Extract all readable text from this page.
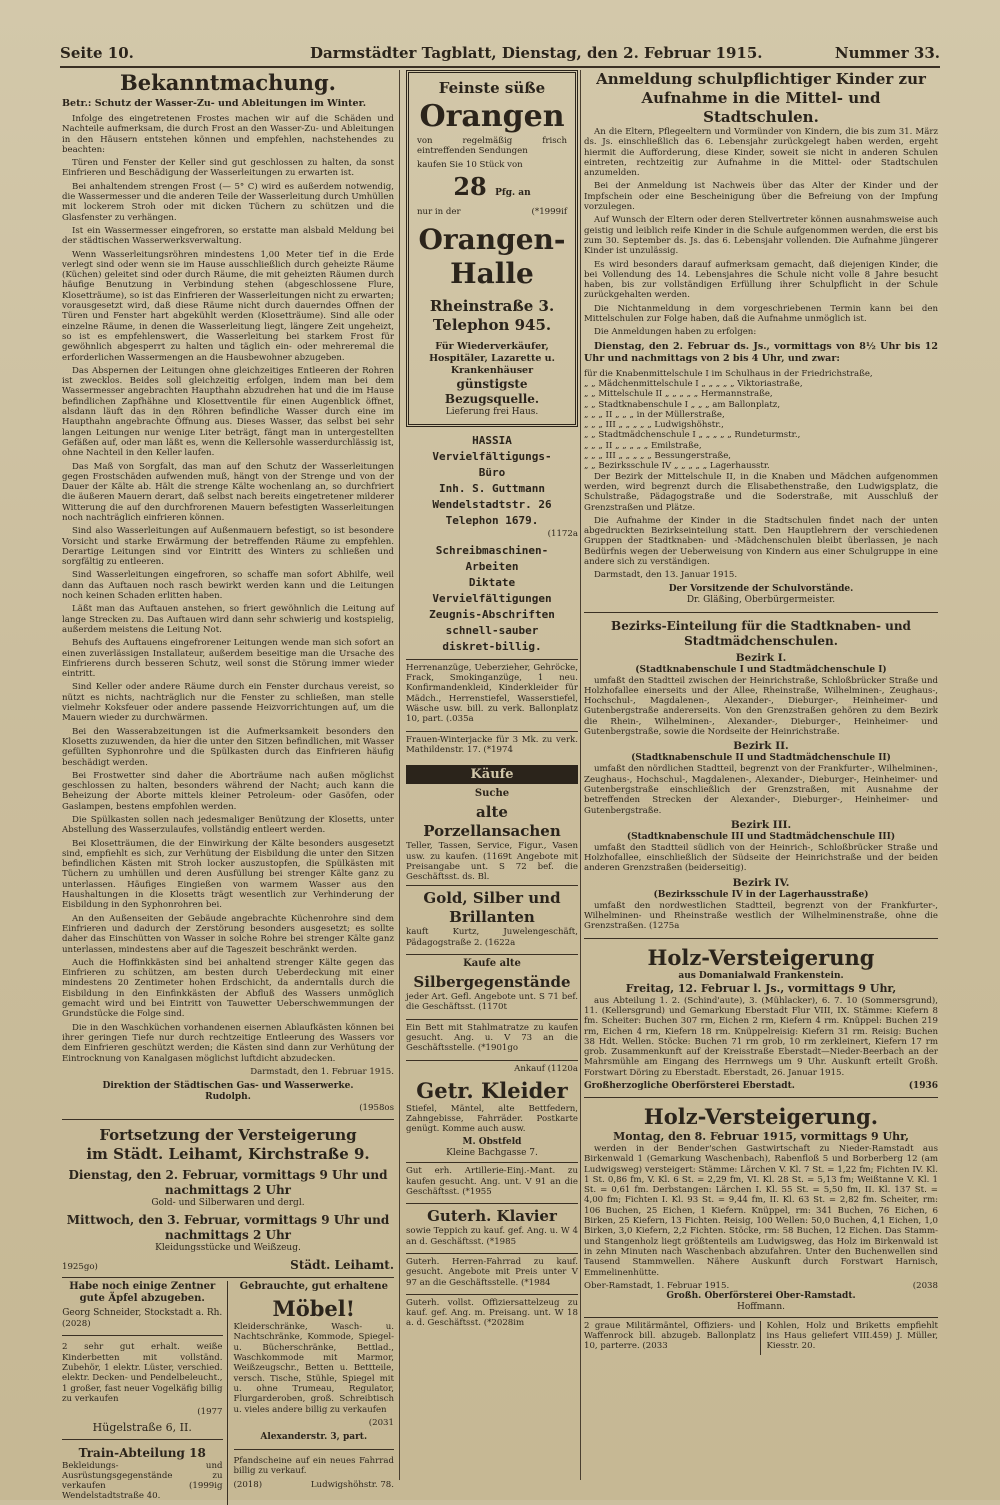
Seite 10.	Darmstädter Tagblatt, Dienstag, den 2. Februar 1915.	Nummer 33.
Bekanntmachung.
Betr.: Schutz der Wasser-Zu- und Ableitungen im Winter.

Infolge des eingetretenen Frostes machen wir auf die Schäden und Nachteile aufmerksam, die durch Frost an den Wasser-Zu- und Ableitungen in den Häusern entstehen können und empfehlen, nachstehendes zu beachten:

Türen und Fenster der Keller sind gut geschlossen zu halten, da sonst Einfrieren und Beschädigung der Wasserleitungen zu erwarten ist.

Bei anhaltendem strengen Frost (— 5° C) wird es außerdem notwendig, die Wassermesser und die anderen Teile der Wasserleitung durch Umhüllen mit lockerem Stroh oder mit dicken Tüchern zu schützen und die Glasfenster zu verhängen.

Ist ein Wassermesser eingefroren, so erstatte man alsbald Meldung bei der städtischen Wasserwerksverwaltung.

Wenn Wasserleitungsröhren mindestens 1,00 Meter tief in die Erde verlegt sind oder wenn sie im Hause ausschließlich durch geheizte Räume (Küchen) geleitet sind oder durch Räume, die mit geheizten Räumen durch häufige Benutzung in Verbindung stehen (abgeschlossene Flure, Klosetträume), so ist das Einfrieren der Wasserleitungen nicht zu erwarten; vorausgesetzt wird, daß diese Räume nicht durch dauerndes Offnen der Türen und Fenster hart abgekühlt werden (Klosetträume). Sind alle oder einzelne Räume, in denen die Wasserleitung liegt, längere Zeit ungeheizt, so ist es empfehlenswert, die Wasserleitung bei starkem Frost für gewöhnlich abgesperrt zu halten und täglich ein- oder mehreremal die erforderlichen Wassermengen an die Hausbewohner abzugeben.

Das Abspernen der Leitungen ohne gleichzeitiges Entleeren der Rohren ist zwecklos. Beides soll gleichzeitig erfolgen, indem man bei dem Wassermesser angebrachten Haupthahn abzudrehen hat und die im Hause befindlichen Zapfhähne und Klosettventile für einen Augenblick öffnet, alsdann läuft das in den Röhren befindliche Wasser durch eine im Haupthahn angebrachte Öffnung aus. Dieses Wasser, das selbst bei sehr langen Leitungen nur wenige Liter beträgt, fängt man in untergestellten Gefäßen auf, oder man läßt es, wenn die Kellersohle wasserdurchlässig ist, ohne Nachteil in den Keller laufen.

Das Maß von Sorgfalt, das man auf den Schutz der Wasserleitungen gegen Frostschäden aufwenden muß, hängt von der Strenge und von der Dauer der Kälte ab. Hält die strenge Kälte wochenlang an, so durchfriert die äußeren Mauern derart, daß selbst nach bereits eingetretener milderer Witterung die auf den durchfrorenen Mauern befestigten Wasserleitungen noch nachträglich einfrieren können.

Sind also Wasserleitungen auf Außenmauern befestigt, so ist besondere Vorsicht und starke Erwärmung der betreffenden Räume zu empfehlen. Derartige Leitungen sind vor Eintritt des Winters zu schließen und sorgfältig zu entleeren.

Sind Wasserleitungen eingefroren, so schaffe man sofort Abhilfe, weil dann das Auftauen noch rasch bewirkt werden kann und die Leitungen noch keinen Schaden erlitten haben.

Läßt man das Auftauen anstehen, so friert gewöhnlich die Leitung auf lange Strecken zu. Das Auftauen wird dann sehr schwierig und kostspielig, außerdem meistens die Leitung Not.

Behufs des Auftauens eingefrorener Leitungen wende man sich sofort an einen zuverlässigen Installateur, außerdem beseitige man die Ursache des Einfrierens durch besseren Schutz, weil sonst die Störung immer wieder eintritt.

Sind Keller oder andere Räume durch ein Fenster durchaus vereist, so nützt es nichts, nachträglich nur die Fenster zu schließen, man stelle vielmehr Koksfeuer oder andere passende Heizvorrichtungen auf, um die Mauern wieder zu durchwärmen.

Bei den Wasserabzeitungen ist die Aufmerksamkeit besonders den Klosetts zuzuwenden, da hier die unter den Sitzen befindlichen, mit Wasser gefüllten Syphonrohre und die Spülkasten durch das Einfrieren häufig beschädigt werden.

Bei Frostwetter sind daher die Aborträume nach außen möglichst geschlossen zu halten, besonders während der Nacht; auch kann die Beheizung der Aborte mittels kleiner Petroleum- oder Gasöfen, oder Gaslampen, bestens empfohlen werden.

Die Spülkasten sollen nach jedesmaliger Benützung der Klosetts, unter Abstellung des Wasserzulaufes, vollständig entleert werden.

Bei Klosetträumen, die der Einwirkung der Kälte besonders ausgesetzt sind, empfiehlt es sich, zur Verhütung der Eisbildung die unter den Sitzen befindlichen Kästen mit Stroh locker auszustopfen, die Spülkästen mit Tüchern zu umhüllen und deren Ausfüllung bei strenger Kälte ganz zu unterlassen. Häufiges Eingießen von warmem Wasser aus den Haushaltungen in die Klosetts trägt wesentlich zur Verhinderung der Eisbildung in den Syphonrohren bei.

An den Außenseiten der Gebäude angebrachte Küchenrohre sind dem Einfrieren und dadurch der Zerstörung besonders ausgesetzt; es sollte daher das Einschütten von Wasser in solche Rohre bei strenger Kälte ganz unterlassen, mindestens aber auf die Tageszeit beschränkt werden.

Auch die Hoffinkkästen sind bei anhaltend strenger Kälte gegen das Einfrieren zu schützen, am besten durch Ueberdeckung mit einer mindestens 20 Zentimeter hohen Erdschicht, da anderntalls durch die Eisbildung in den Einfinkkästen der Abfluß des Wassers unmöglich gemacht wird und bei Eintritt von Tauwetter Ueberschwemmungen der Grundstücke die Folge sind.

Die in den Waschküchen vorhandenen eisernen Ablaufkästen können bei ihrer geringen Tiefe nur durch rechtzeitige Entleerung des Wassers vor dem Einfrieren geschützt werden; die Kästen sind dann zur Verhütung der Eintrocknung von Kanalgasen möglichst luftdicht abzudecken.

Darmstadt, den 1. Februar 1915.

Direktion der Städtischen Gas- und Wasserwerke.
Rudolph.
(1958os
Fortsetzung der Versteigerung
im Städt. Leihamt, Kirchstraße 9.
Dienstag, den 2. Februar, vormittags 9 Uhr und nachmittags 2 Uhr
Gold- und Silberwaren und dergl.
Mittwoch, den 3. Februar, vormittags 9 Uhr und nachmittags 2 Uhr
Kleidungsstücke und Weißzeug.
1925go)	Städt. Leihamt.
Habe noch einige Zentner gute Äpfel abzugeben.
Georg Schneider, Stockstadt a. Rh.

(2028)

2 sehr gut erhalt. weiße Kinderbetten mit vollständ. Zubehör, 1 elektr. Lüster, verschied. elektr. Decken- und Pendelbeleucht., 1 großer, fast neuer Vogelkäfig billig zu verkaufen

(1977

Hügelstraße 6, II.
Train-Abteilung 18

Bekleidungs- und Ausrüstungsgegenstände zu verkaufen (1999ig Wendelstadtstraße 40.

Gebrauchte, gut erhaltene
Möbel!

Kleiderschränke, Wasch- u. Nachtschränke, Kommode, Spiegel- u. Bücherschränke, Bettlad., Waschkommode mit Marmor, Weißzeugschr., Betten u. Bettteile, versch. Tische, Stühle, Spiegel mit u. ohne Trumeau, Regulator, Flurgarderoben, groß. Schreibtisch u. vieles andere billig zu verkaufen

(2031

Alexanderstr. 3, part.

Pfandscheine auf ein neues Fahrrad billig zu verkauf.

(2018)	Ludwigshöhstr. 78.
Feinste süße
Orangen

von regelmäßig frisch eintreffenden Sendungen

kaufen Sie 10 Stück von

28 Pfg. an
nur in der	(*1999if
Orangen-Halle
Rheinstraße 3.
Telephon 945.
Für Wiederverkäufer, Hospitäler, Lazarette u. Krankenhäuser
günstigste Bezugsquelle.
Lieferung frei Haus.
HASSIA
Vervielfältigungs-
Büro
Inh. S. Guttmann
Wendelstadtstr. 26
Telephon 1679.
(1172a
Schreibmaschinen-
Arbeiten
Diktate
Vervielfältigungen
Zeugnis-Abschriften
schnell-sauber
diskret-billig.

Herrenanzüge, Ueberzieher, Gehröcke, Frack, Smokinganzüge, 1 neu. Konfirmandenkleid, Kinderkleider für Mädch., Herrenstiefel, Wasserstiefel, Wäsche usw. bill. zu verk. Ballonplatz 10, part. (.035a

Frauen-Winterjacke für 3 Mk. zu verk. Mathildenstr. 17. (*1974

Käufe
Suche
alte Porzellansachen

Teller, Tassen, Service, Figur., Vasen usw. zu kaufen. (1169t Angebote mit Preisangabe unt. S 72 bef. die Geschäftsst. ds. Bl.

Gold, Silber und Brillanten

kauft Kurtz, Juwelengeschäft, Pädagogstraße 2. (1622a

Kaufe alte
Silbergegenstände

jeder Art. Gefl. Angebote unt. S 71 bef. die Geschäftsst. (1170t

Ein Bett mit Stahlmatratze zu kaufen gesucht. Ang. u. V 73 an die Geschäftsstelle. (*1901go

Ankauf (1120a
Getr. Kleider

Stiefel, Mäntel, alte Bettfedern, Zahngebisse, Fahrräder. Postkarte genügt. Komme auch ausw.

M. Obstfeld
Kleine Bachgasse 7.

Gut erh. Artillerie-Einj.-Mant. zu kaufen gesucht. Ang. unt. V 91 an die Geschäftsst. (*1955

Guterh. Klavier

sowie Teppich zu kauf. gef. Ang. u. W 4 an d. Geschäftsst. (*1985

Guterh. Herren-Fahrrad zu kauf. gesucht. Angebote mit Preis unter V 97 an die Geschäftsstelle. (*1984

Guterh. vollst. Offiziersattelzeug zu kauf. gef. Ang. m. Preisang. unt. W 18 a. d. Geschäftsst. (*2028im

Anmeldung schulpflichtiger Kinder zur Aufnahme in die Mittel- und Stadtschulen.

An die Eltern, Pflegeeltern und Vormünder von Kindern, die bis zum 31. März ds. Js. einschließlich das 6. Lebensjahr zurückgelegt haben werden, ergeht hiermit die Aufforderung, diese Kinder, soweit sie nicht in anderen Schulen eintreten, rechtzeitig zur Aufnahme in die Mittel- oder Stadtschulen anzumelden.

Bei der Anmeldung ist Nachweis über das Alter der Kinder und der Impfschein oder eine Bescheinigung über die Befreiung von der Impfung vorzulegen.

Auf Wunsch der Eltern oder deren Stellvertreter können ausnahmsweise auch geistig und leiblich reife Kinder in die Schule aufgenommen werden, die erst bis zum 30. September ds. Js. das 6. Lebensjahr vollenden. Die Aufnahme jüngerer Kinder ist unzulässig.

Es wird besonders darauf aufmerksam gemacht, daß diejenigen Kinder, die bei Vollendung des 14. Lebensjahres die Schule nicht volle 8 Jahre besucht haben, bis zur vollständigen Erfüllung ihrer Schulpflicht in der Schule zurückgehalten werden.

Die Nichtanmeldung in dem vorgeschriebenen Termin kann bei den Mittelschulen zur Folge haben, daß die Aufnahme unmöglich ist.

Die Anmeldungen haben zu erfolgen:

Dienstag, den 2. Februar ds. Js., vormittags von 8½ Uhr bis 12 Uhr und nachmittags von 2 bis 4 Uhr, und zwar:

für die Knabenmittelschule I im Schulhaus in der Friedrichstraße,
„ „ Mädchenmittelschule I „ „ „ „ „ Viktoriastraße,
„ „ Mittelschule II „ „ „ „ „ Hermannstraße,
„ „ Stadtknabenschule I „ „ „ am Ballonplatz,
„ „ „ II „ „ „ in der Müllerstraße,
„ „ „ III „ „ „ „ „ Ludwigshöhstr.,
„ „ Stadtmädchenschule I „ „ „ „ „ Rundeturmstr.,
„ „ „ II „ „ „ „ „ Emilstraße,
„ „ „ III „ „ „ „ „ Bessungerstraße,
„ „ Bezirksschule IV „ „ „ „ „ Lagerhausstr.

Der Bezirk der Mittelschule II, in die Knaben und Mädchen aufgenommen werden, wird begrenzt durch die Elisabethenstraße, den Ludwigsplatz, die Schulstraße, Pädagogstraße und die Soderstraße, mit Ausschluß der Grenzstraßen und Plätze.

Die Aufnahme der Kinder in die Stadtschulen findet nach der unten abgedruckten Bezirkseinteilung statt. Den Hauptlehrern der verschiedenen Gruppen der Stadtknaben- und -Mädchenschulen bleibt überlassen, je nach Bedürfnis wegen der Ueberweisung von Kindern aus einer Schulgruppe in eine andere sich zu verständigen.

Darmstadt, den 13. Januar 1915.

Der Vorsitzende der Schulvorstände.
Dr. Gläßing, Oberbürgermeister.
Bezirks-Einteilung für die Stadtknaben- und Stadtmädchenschulen.
Bezirk I.
(Stadtknabenschule I und Stadtmädchenschule I)

umfaßt den Stadtteil zwischen der Heinrichstraße, Schloßbrücker Straße und Holzhofallee einerseits und der Allee, Rheinstraße, Wilhelminen-, Zeughaus-, Hochschul-, Magdalenen-, Alexander-, Dieburger-, Heinheimer- und Gutenbergstraße andererseits. Von den Grenzstraßen gehören zu dem Bezirk die Rhein-, Wilhelminen-, Alexander-, Dieburger-, Heinheimer- und Gutenbergstraße, sowie die Nordseite der Heinrichstraße.

Bezirk II.
(Stadtknabenschule II und Stadtmädchenschule II)

umfaßt den nördlichen Stadtteil, begrenzt von der Frankfurter-, Wilhelminen-, Zeughaus-, Hochschul-, Magdalenen-, Alexander-, Dieburger-, Heinheimer- und Gutenbergstraße einschließlich der Grenzstraßen, mit Ausnahme der betreffenden Strecken der Alexander-, Dieburger-, Heinheimer- und Gutenbergstraße.

Bezirk III.
(Stadtknabenschule III und Stadtmädchenschule III)

umfaßt den Stadtteil südlich von der Heinrich-, Schloßbrücker Straße und Holzhofallee, einschließlich der Südseite der Heinrichstraße und der beiden anderen Grenzstraßen (beiderseitig).

Bezirk IV.
(Bezirksschule IV in der Lagerhausstraße)

umfaßt den nordwestlichen Stadtteil, begrenzt von der Frankfurter-, Wilhelminen- und Rheinstraße westlich der Wilhelminenstraße, ohne die Grenzstraßen. (1275a

Holz-Versteigerung
aus Domanialwald Frankenstein.
Freitag, 12. Februar l. Js., vormittags 9 Uhr,

aus Abteilung 1. 2. (Schind'aute), 3. (Mühlacker), 6. 7. 10 (Sommersgrund), 11. (Kellersgrund) und Gemarkung Eberstadt Flur VIII, IX. Stämme: Kiefern 8 fm. Scheiter: Buchen 307 rm, Eichen 2 rm, Kiefern 4 rm. Knüppel: Buchen 219 rm, Eichen 4 rm, Kiefern 18 rm. Knüppelreisig: Kiefern 31 rm. Reisig: Buchen 38 Hdt. Wellen. Stöcke: Buchen 71 rm grob, 10 rm zerkleinert, Kiefern 17 rm grob. Zusammenkunft auf der Kreisstraße Eberstadt—Nieder-Beerbach an der Mahrsmühle am Eingang des Herrnwegs um 9 Uhr. Auskunft erteilt Großh. Forstwart Döring zu Eberstadt. Eberstadt, 26. Januar 1915.

Großherzogliche Oberförsterei Eberstadt.	(1936
Holz-Versteigerung.
Montag, den 8. Februar 1915, vormittags 9 Uhr,

werden in der Bender'schen Gastwirtschaft zu Nieder-Ramstadt aus Birkenwald 1 (Gemarkung Waschenbach), Rabenfloß 5 und Borberberg 12 (am Ludwigsweg) versteigert: Stämme: Lärchen V. Kl. 7 St. = 1,22 fm; Fichten IV. Kl. 1 St. 0,86 fm, V. Kl. 6 St. = 2,29 fm, VI. Kl. 28 St. = 5,13 fm; Weißtanne V. Kl. 1 St. = 0,61 fm. Derbstangen: Lärchen I. Kl. 55 St. = 5,50 fm, II. Kl. 137 St. = 4,00 fm; Fichten I. Kl. 93 St. = 9,44 fm, II. Kl. 63 St. = 2,82 fm. Scheiter, rm: 106 Buchen, 25 Eichen, 1 Kiefern. Knüppel, rm: 341 Buchen, 76 Eichen, 6 Birken, 25 Kiefern, 13 Fichten. Reisig, 100 Wellen: 50,0 Buchen, 4,1 Eichen, 1,0 Birken, 3,0 Kiefern, 2,2 Fichten. Stöcke, rm: 58 Buchen, 12 Eichen. Das Stamm- und Stangenholz liegt größtenteils am Ludwigsweg, das Holz im Birkenwald ist in zehn Minuten nach Waschenbach abzufahren. Unter den Buchenwellen sind Tausend Stammwellen. Nähere Auskunft durch Forstwart Harnisch, Emmelinenhütte.

Ober-Ramstadt, 1. Februar 1915.	(2038
Großh. Oberförsterei Ober-Ramstadt.
Hoffmann.

2 graue Militärmäntel, Offiziers- und Waffenrock bill. abzugeb. Ballonplatz 10, parterre. (2033

Kohlen, Holz und Briketts empfiehlt ins Haus geliefert VIII.459) J. Müller, Kiesstr. 20.
